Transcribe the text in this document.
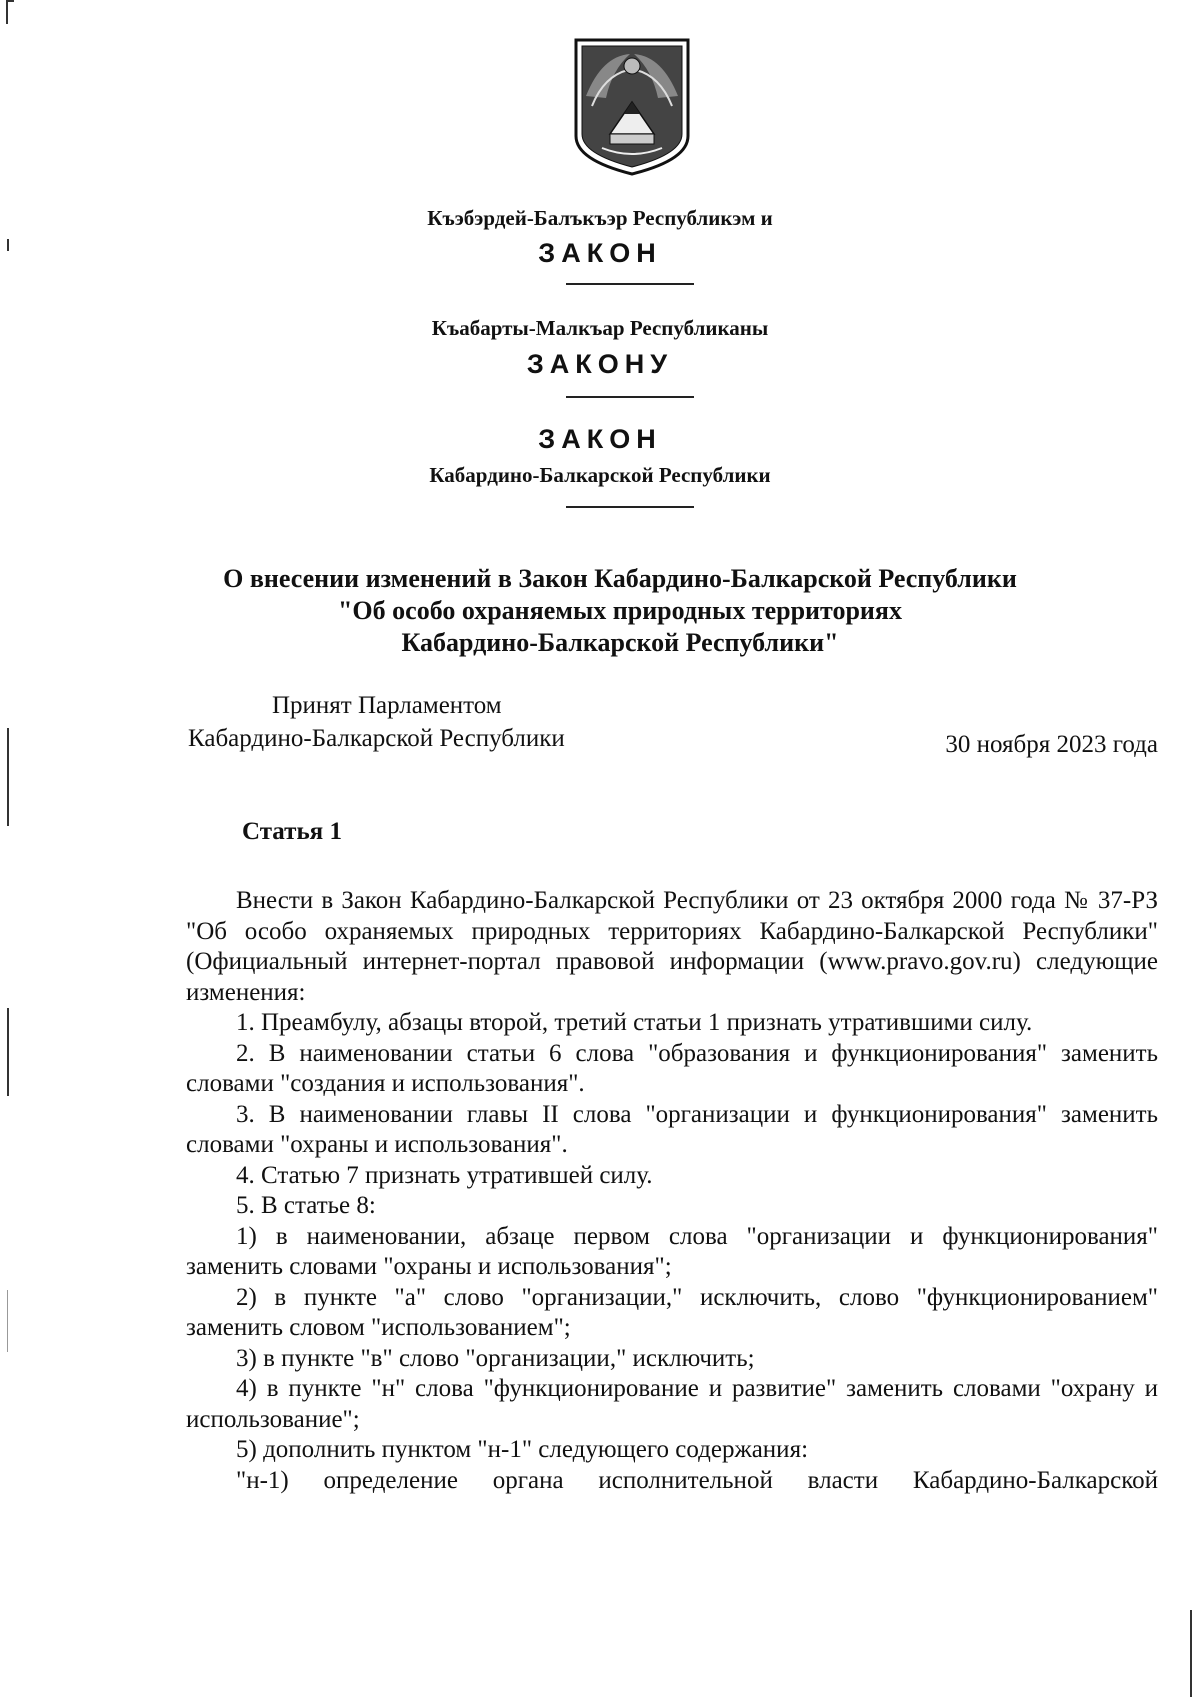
Къэбэрдей-Балъкъэр Республикэм и
ЗАКОН
Къабарты-Малкъар Республиканы
ЗАКОНУ
ЗАКОН
Кабардино-Балкарской Республики
О внесении изменений в Закон Кабардино-Балкарской Республики
"Об особо охраняемых природных территориях
Кабардино-Балкарской Республики"
Принят Парламентом
Кабардино-Балкарской Республики	30 ноября 2023 года
Статья 1

Внести в Закон Кабардино-Балкарской Республики от 23 октября 2000 года № 37-РЗ "Об особо охраняемых природных территориях Кабардино-Балкарской Республики" (Официальный интернет-портал правовой информации (www.pravo.gov.ru) следующие изменения:

1. Преамбулу, абзацы второй, третий статьи 1 признать утратившими силу.

2. В наименовании статьи 6 слова "образования и функционирования" заменить словами "создания и использования".

3. В наименовании главы II слова "организации и функционирования" заменить словами "охраны и использования".

4. Статью 7 признать утратившей силу.

5. В статье 8:

1) в наименовании, абзаце первом слова "организации и функционирования" заменить словами "охраны и использования";

2) в пункте "а" слово "организации," исключить, слово "функционированием" заменить словом "использованием";

3) в пункте "в" слово "организации," исключить;

4) в пункте "н" слова "функционирование и развитие" заменить словами "охрану и использование";

5) дополнить пунктом "н-1" следующего содержания:

"н-1) определение органа исполнительной власти Кабардино-Балкарской
